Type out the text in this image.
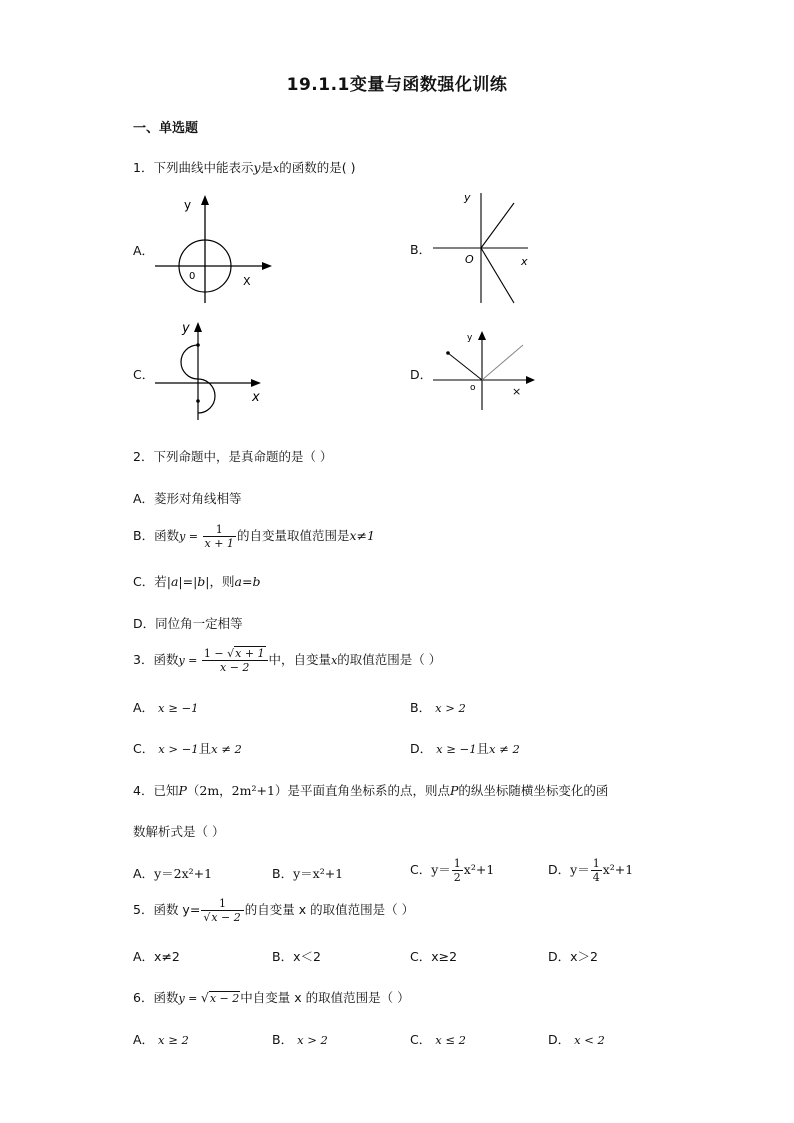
19.1.1变量与函数强化训练
一、单选题
1．下列曲线中能表示y是x的函数的是( )
A．
y
0	X
B．
y
O	x
C．
y
x
D．
y
o	×
2．下列命题中，是真命题的是（ ）
A．菱形对角线相等
B．函数$y = \frac{1}{x + 1}$ 的自变量取值范围是x≠1
C．若|a|=|b|，则a=b
D．同位角一定相等
3．函数$y = \frac{1 - √x + 1}{x - 2}$ 中，自变量x的取值范围是（ ）
A． x ≥ −1	B． x > 2
C． x > −1且x ≠ 2	D． x ≥ −1且x ≠ 2
4．已知P（2m，2m²+1）是平面直角坐标系的点，则点P的纵坐标随横坐标变化的函
数解析式是（ ）
A．y＝2x²+1	B．y＝x²+1	C．$y= \frac{1}{2} x^2+1$	D．$y= \frac{1}{4} x^2+1$
5．函数 $y= \frac{1}{√x - 2}$ 的自变量 x 的取值范围是（ ）
A．x≠2	B．x＜2	C．x≥2	D．x＞2
6．函数y = √x − 2中自变量 x 的取值范围是（ ）
A． x ≥ 2	B． x > 2	C． x ≤ 2	D． x < 2
